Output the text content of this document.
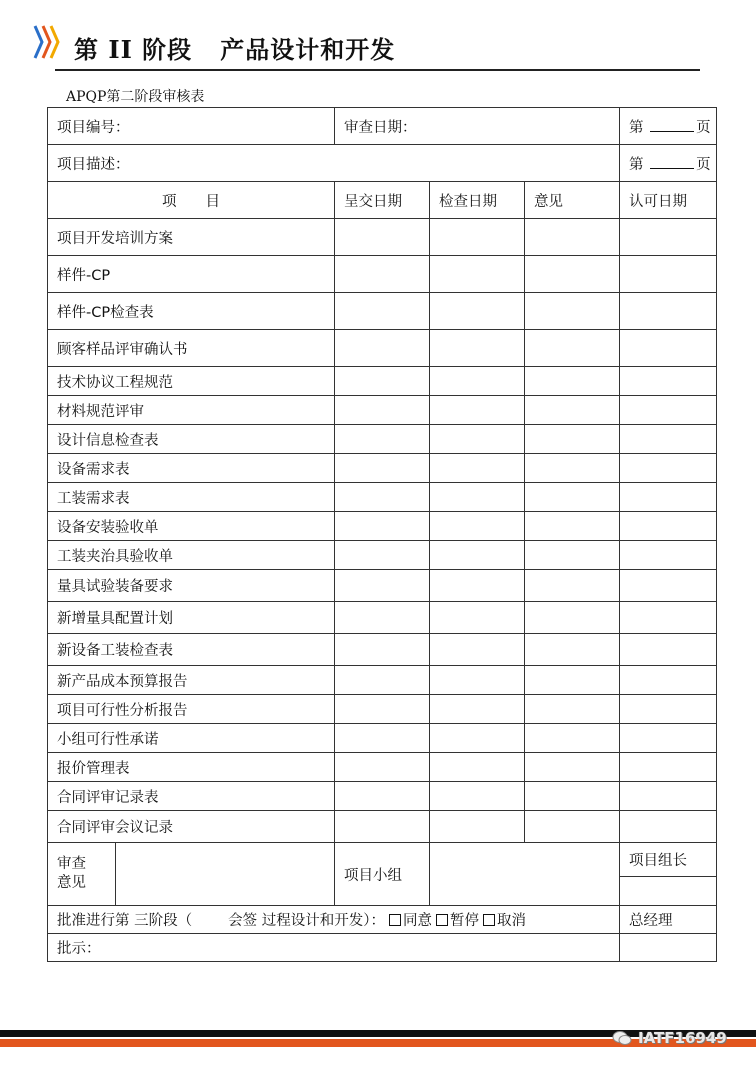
第 II 阶段   产品设计和开发
APQP第二阶段审核表
项目编号：		审查日期：			第 页
项目描述：					第 页
项　　目		呈交日期	检查日期	意见	认可日期
项目开发培训方案					
样件-CP					
样件-CP检查表					
顾客样品评审确认书					
技术协议工程规范					
材料规范评审					
设计信息检查表					
设备需求表					
工装需求表					
设备安装验收单					
工装夹治具验收单					
量具试验装备要求					
新增量具配置计划					
新设备工装检查表					
新产品成本预算报告					
项目可行性分析报告					
小组可行性承诺					
报价管理表					
合同评审记录表					
合同评审会议记录					
审查
意见		项目小组			项目组长

批准进行第 三阶段（ 会签 过程设计和开发）： 同意 暂停 取消					总经理
批示：					
IATF16949
